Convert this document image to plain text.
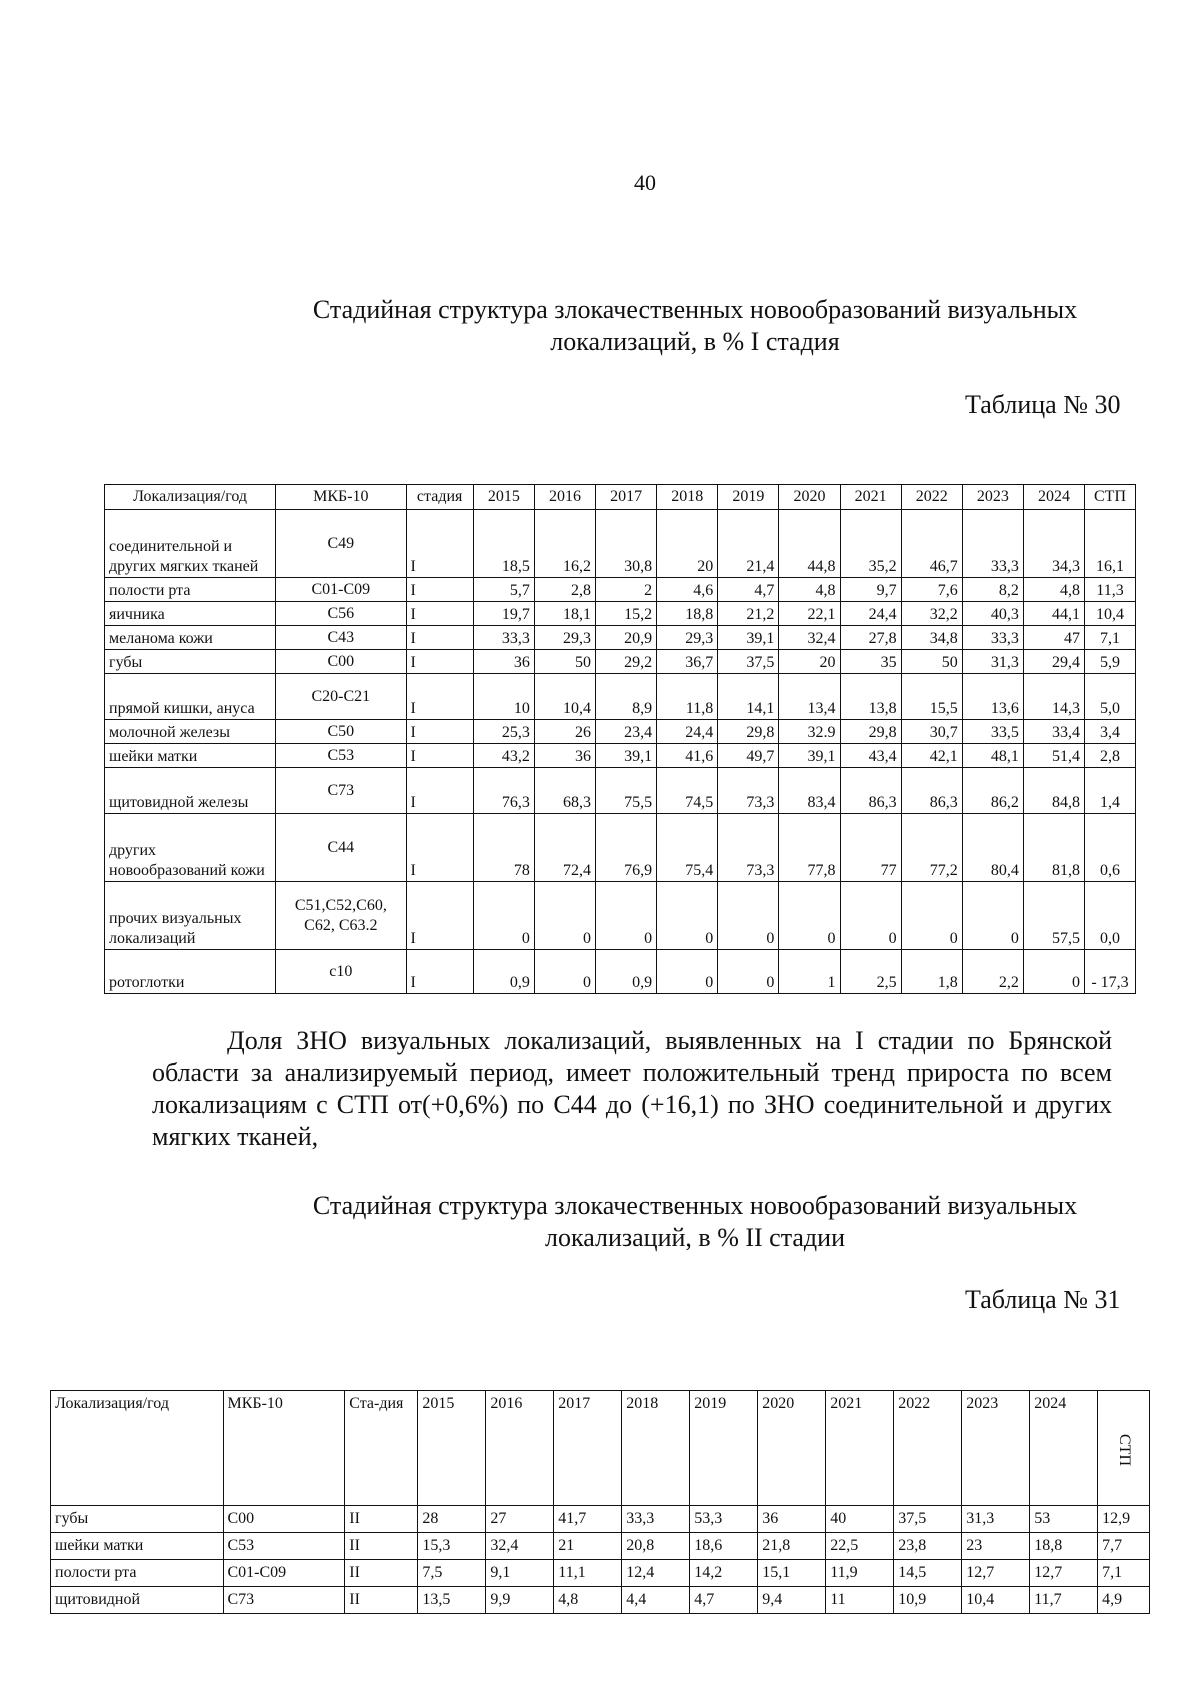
40
Стадийная структура злокачественных новообразований визуальных
локализаций, в % I стадия
Таблица № 30
Локализация/год	МКБ-10	стадия	2015	2016	2017	2018	2019	2020	2021	2022	2023	2024	СТП
соединительной и других мягких тканей	C49	I	18,5	16,2	30,8	20	21,4	44,8	35,2	46,7	33,3	34,3	16,1
полости рта	C01-C09	I	5,7	2,8	2	4,6	4,7	4,8	9,7	7,6	8,2	4,8	11,3
яичника	C56	I	19,7	18,1	15,2	18,8	21,2	22,1	24,4	32,2	40,3	44,1	10,4
меланома кожи	C43	I	33,3	29,3	20,9	29,3	39,1	32,4	27,8	34,8	33,3	47	7,1
губы	C00	I	36	50	29,2	36,7	37,5	20	35	50	31,3	29,4	5,9
прямой кишки, ануса	C20-C21	I	10	10,4	8,9	11,8	14,1	13,4	13,8	15,5	13,6	14,3	5,0
молочной железы	C50	I	25,3	26	23,4	24,4	29,8	32.9	29,8	30,7	33,5	33,4	3,4
шейки матки	C53	I	43,2	36	39,1	41,6	49,7	39,1	43,4	42,1	48,1	51,4	2,8
щитовидной железы	C73	I	76,3	68,3	75,5	74,5	73,3	83,4	86,3	86,3	86,2	84,8	1,4
других новообразований кожи	C44	I	78	72,4	76,9	75,4	73,3	77,8	77	77,2	80,4	81,8	0,6
прочих визуальных локализаций	C51,C52,C60, C62, C63.2	I	0	0	0	0	0	0	0	0	0	57,5	0,0
ротоглотки	c10	I	0,9	0	0,9	0	0	1	2,5	1,8	2,2	0	- 17,3

Доля ЗНО визуальных локализаций, выявленных на I стадии по Брянской области за анализируемый период, имеет положительный тренд прироста по всем локализациям с СТП от(+0,6%) по С44 до (+16,1) по ЗНО соединительной и других мягких тканей,

Стадийная структура злокачественных новообразований визуальных
локализаций, в % II стадии
Таблица № 31
Локализация/год	МКБ-10	Ста-дия	2015	2016	2017	2018	2019	2020	2021	2022	2023	2024	СТП
губы	C00	II	28	27	41,7	33,3	53,3	36	40	37,5	31,3	53	12,9
шейки матки	C53	II	15,3	32,4	21	20,8	18,6	21,8	22,5	23,8	23	18,8	7,7
полости рта	C01-C09	II	7,5	9,1	11,1	12,4	14,2	15,1	11,9	14,5	12,7	12,7	7,1
щитовидной	C73	II	13,5	9,9	4,8	4,4	4,7	9,4	11	10,9	10,4	11,7	4,9
